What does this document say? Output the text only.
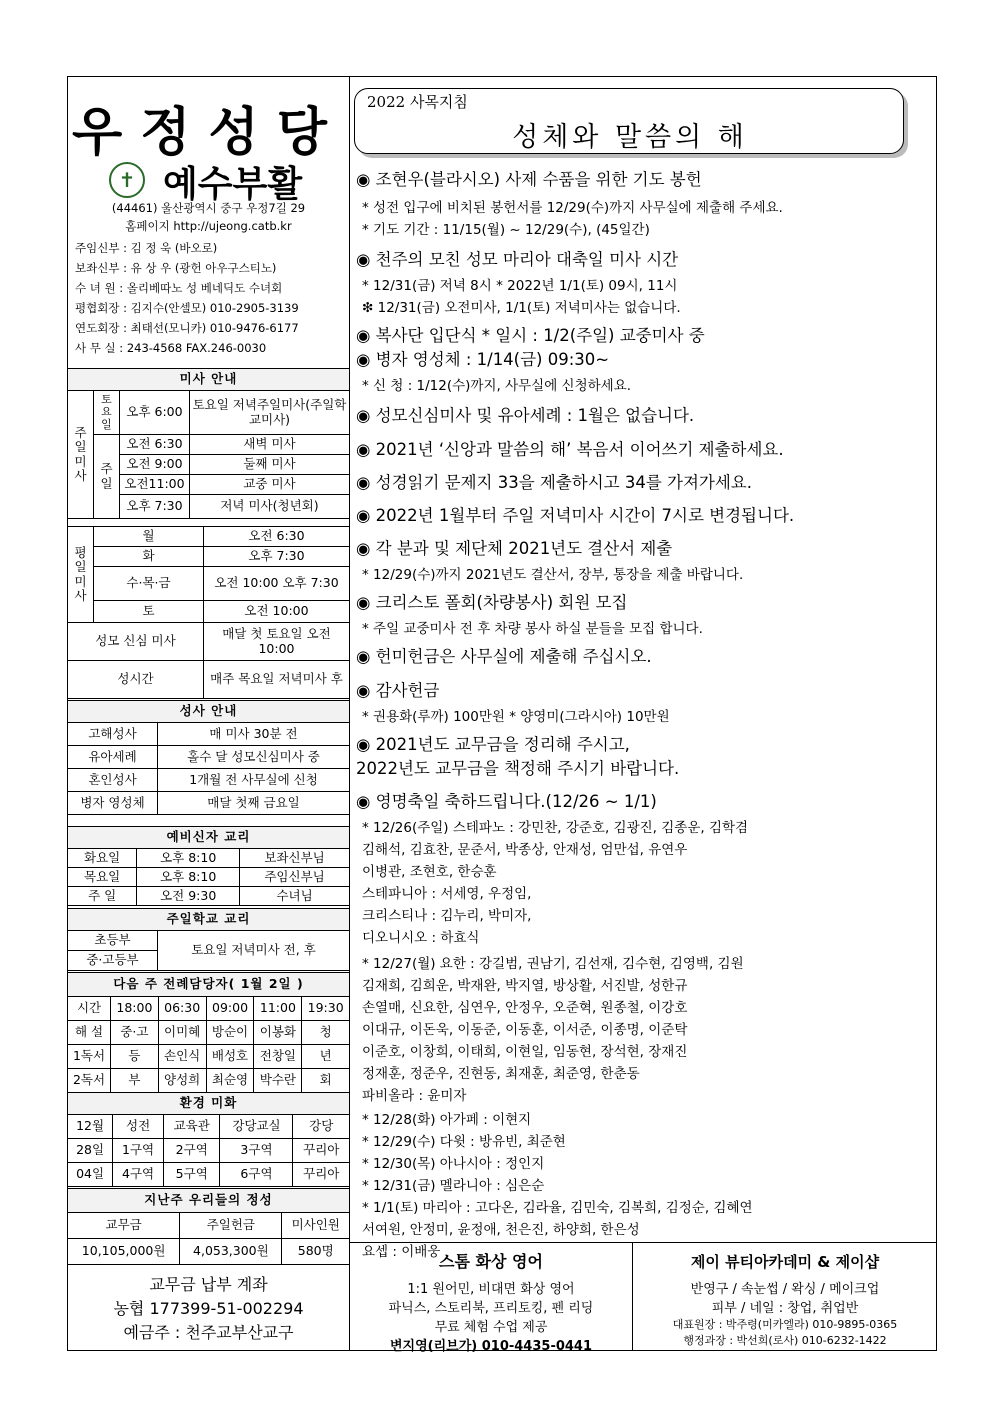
우정성당
✝ 예수부활
(44461) 울산광역시 중구 우정7길 29
홈페이지 http://ujeong.catb.kr
주임신부 : 김 정 욱 (바오로)
보좌신부 : 유 상 우 (광헌 아우구스티노)
수 녀 원 : 올리베따노 성 베네딕도 수녀회
평협회장 : 김지수(안셀모) 010-2905-3139
연도회장 : 최태선(모니카) 010-9476-6177
사 무 실 : 243-4568 FAX.246-0030
미사 안내			
주일미사	토요일	오후 6:00	토요일 저녁주일미사(주일학교미사)
	주일	오전 6:30	새벽 미사
		오전 9:00	둘째 미사
		오전11:00	교중 미사
		오후 7:30	저녁 미사(청년회)
평일미사	월	오전 6:30
	화	오후 7:30
	수·목·금	오전 10:00 오후 7:30
	토	오전 10:00
성모 신심 미사		매달 첫 토요일 오전 10:00
성시간		매주 목요일 저녁미사 후
성사 안내	
고해성사	매 미사 30분 전
유아세례	홀수 달 성모신심미사 중
혼인성사	1개월 전 사무실에 신청
병자 영성체	매달 첫째 금요일
예비신자 교리		
화요일	오후 8:10	보좌신부님
목요일	오후 8:10	주임신부님
주 일	오전 9:30	수녀님
주일학교 교리
초등부	토요일 저녁미사 전, 후
중·고등부
다음 주 전례담당자( 1월 2일 )					
시간	18:00	06:30	09:00	11:00	19:30
해 설	중·고	이미혜	방순이	이봉화	청
1독서	등	손인식	배성호	전창일	년
2독서	부	양성희	최순영	박수란	회
환경 미화				
12월	성전	교육관	강당교실	강당
28일	1구역	2구역	3구역	꾸리아
04일	4구역	5구역	6구역	꾸리아
지난주 우리들의 정성		
교무금	주일헌금	미사인원
10,105,000원	4,053,300원	580명
교무금 납부 계좌
농협 177399-51-002294
예금주 : 천주교부산교구
2022 사목지침
성체와 말씀의 해
◉ 조현우(블라시오) 사제 수품을 위한 기도 봉헌
* 성전 입구에 비치된 봉헌서를 12/29(수)까지 사무실에 제출해 주세요.
* 기도 기간 : 11/15(월) ~ 12/29(수), (45일간)
◉ 천주의 모친 성모 마리아 대축일 미사 시간
* 12/31(금) 저녁 8시 * 2022년 1/1(토) 09시, 11시
❇ 12/31(금) 오전미사, 1/1(토) 저녁미사는 없습니다.
◉ 복사단 입단식 * 일시 : 1/2(주일) 교중미사 중
◉ 병자 영성체 : 1/14(금) 09:30~
* 신 청 : 1/12(수)까지, 사무실에 신청하세요.
◉ 성모신심미사 및 유아세례 : 1월은 없습니다.
◉ 2021년 ‘신앙과 말씀의 해’ 복음서 이어쓰기 제출하세요.
◉ 성경읽기 문제지 33을 제출하시고 34를 가져가세요.
◉ 2022년 1월부터 주일 저녁미사 시간이 7시로 변경됩니다.
◉ 각 분과 및 제단체 2021년도 결산서 제출
* 12/29(수)까지 2021년도 결산서, 장부, 통장을 제출 바랍니다.
◉ 크리스토 폴회(차량봉사) 회원 모집
* 주일 교중미사 전 후 차량 봉사 하실 분들을 모집 합니다.
◉ 헌미헌금은 사무실에 제출해 주십시오.
◉ 감사헌금
* 권용화(루까) 100만원 * 양영미(그라시아) 10만원
◉ 2021년도 교무금을 정리해 주시고,
2022년도 교무금을 책정해 주시기 바랍니다.
◉ 영명축일 축하드립니다.(12/26 ~ 1/1)
* 12/26(주일) 스테파노 : 강민찬, 강준호, 김광진, 김종운, 김학겸
김해석, 김효찬, 문준서, 박종상, 안재성, 엄만섭, 유연우
이병관, 조현호, 한승훈
스테파니아 : 서세영, 우정임,
크리스티나 : 김누리, 박미자,
디오니시오 : 하효식
* 12/27(월) 요한 : 강길범, 권남기, 김선재, 김수현, 김영백, 김원
김재희, 김희운, 박재완, 박지열, 방상활, 서진발, 성한규
손열매, 신요한, 심연우, 안정우, 오준혁, 원종철, 이강호
이대규, 이돈욱, 이동준, 이동훈, 이서준, 이종명, 이준탁
이준호, 이창희, 이태희, 이현일, 임동현, 장석현, 장재진
정재훈, 정준우, 진현동, 최재훈, 최준영, 한춘동
파비올라 : 윤미자
* 12/28(화) 아가페 : 이현지
* 12/29(수) 다윗 : 방유빈, 최준현
* 12/30(목) 아나시아 : 정인지
* 12/31(금) 멜라니아 : 심은순
* 1/1(토) 마리아 : 고다온, 김라율, 김민숙, 김복희, 김정순, 김혜연
서여원, 안정미, 윤정애, 천은진, 하양희, 한은성
요셉 : 이배웅
스톰 화상 영어
1:1 원어민, 비대면 화상 영어
파닉스, 스토리북, 프리토킹, 펜 리딩
무료 체험 수업 제공
변지영(리브가) 010-4435-0441
제이 뷰티아카데미 & 제이샵
반영구 / 속눈썹 / 왁싱 / 메이크업
피부 / 네일 : 창업, 취업반
대표원장 : 박주령(미카엘라) 010-9895-0365
행정과장 : 박선희(로사) 010-6232-1422
